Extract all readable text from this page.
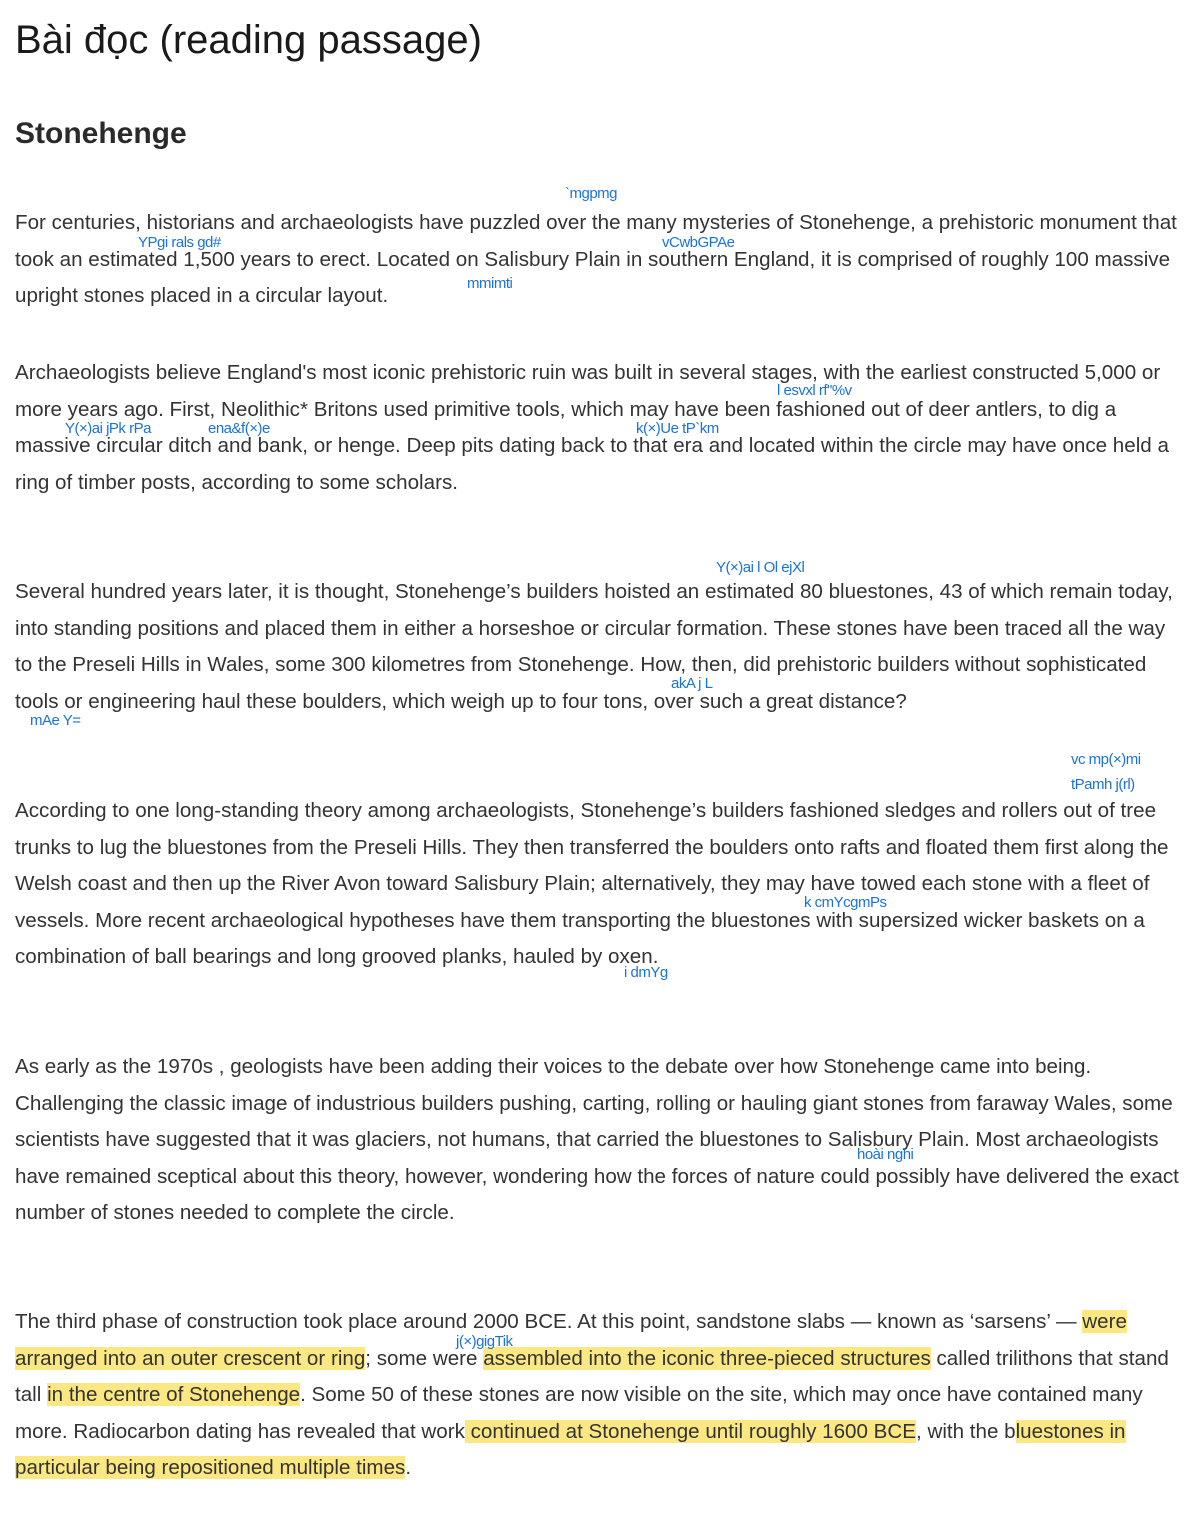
Bài đọc (reading passage)
Stonehenge

For centuries, historians and archaeologists have puzzled over the many mysteries of Stonehenge, a prehistoric monument that took an estimated 1,500 years to erect. Located on Salisbury Plain in southern England, it is comprised of roughly 100 massive upright stones placed in a circular layout.

Archaeologists believe England's most iconic prehistoric ruin was built in several stages, with the earliest constructed 5,000 or more years ago. First, Neolithic* Britons used primitive tools, which may have been fashioned out of deer antlers, to dig a massive circular ditch and bank, or henge. Deep pits dating back to that era and located within the circle may have once held a ring of timber posts, according to some scholars.

Several hundred years later, it is thought, Stonehenge’s builders hoisted an estimated 80 bluestones, 43 of which remain today, into standing positions and placed them in either a horseshoe or circular formation. These stones have been traced all the way to the Preseli Hills in Wales, some 300 kilometres from Stonehenge. How, then, did prehistoric builders without sophisticated tools or engineering haul these boulders, which weigh up to four tons, over such a great distance?

According to one long-standing theory among archaeologists, Stonehenge’s builders fashioned sledges and rollers out of tree trunks to lug the bluestones from the Preseli Hills. They then transferred the boulders onto rafts and floated them first along the Welsh coast and then up the River Avon toward Salisbury Plain; alternatively, they may have towed each stone with a fleet of vessels. More recent archaeological hypotheses have them transporting the bluestones with supersized wicker baskets on a combination of ball bearings and long grooved planks, hauled by oxen.

As early as the 1970s , geologists have been adding their voices to the debate over how Stonehenge came into being. Challenging the classic image of industrious builders pushing, carting, rolling or hauling giant stones from faraway Wales, some scientists have suggested that it was glaciers, not humans, that carried the bluestones to Salisbury Plain. Most archaeologists have remained sceptical about this theory, however, wondering how the forces of nature could possibly have delivered the exact number of stones needed to complete the circle.

The third phase of construction took place around 2000 BCE. At this point, sandstone slabs — known as ‘sarsens’ — were arranged into an outer crescent or ring; some were assembled into the iconic three-pieced structures called trilithons that stand tall in the centre of Stonehenge. Some 50 of these stones are now visible on the site, which may once have contained many more. Radiocarbon dating has revealed that work continued at Stonehenge until roughly 1600 BCE, with the bluestones in particular being repositioned multiple times.

`mgpmg
YPgi rals gd#	vCwbGPAe
mmimti
l esvxl rf"%v
Y(×)ai jPk rPa	ena&f(×)e	k(×)Ue tP`km
Y(×)ai l Ol ejXl
akA j L
mAe Y=
vc mp(×)mi
tPamh j(rl)
k cmYcgmPs
i dmYg
hoài nghi
j(×)gigTik
